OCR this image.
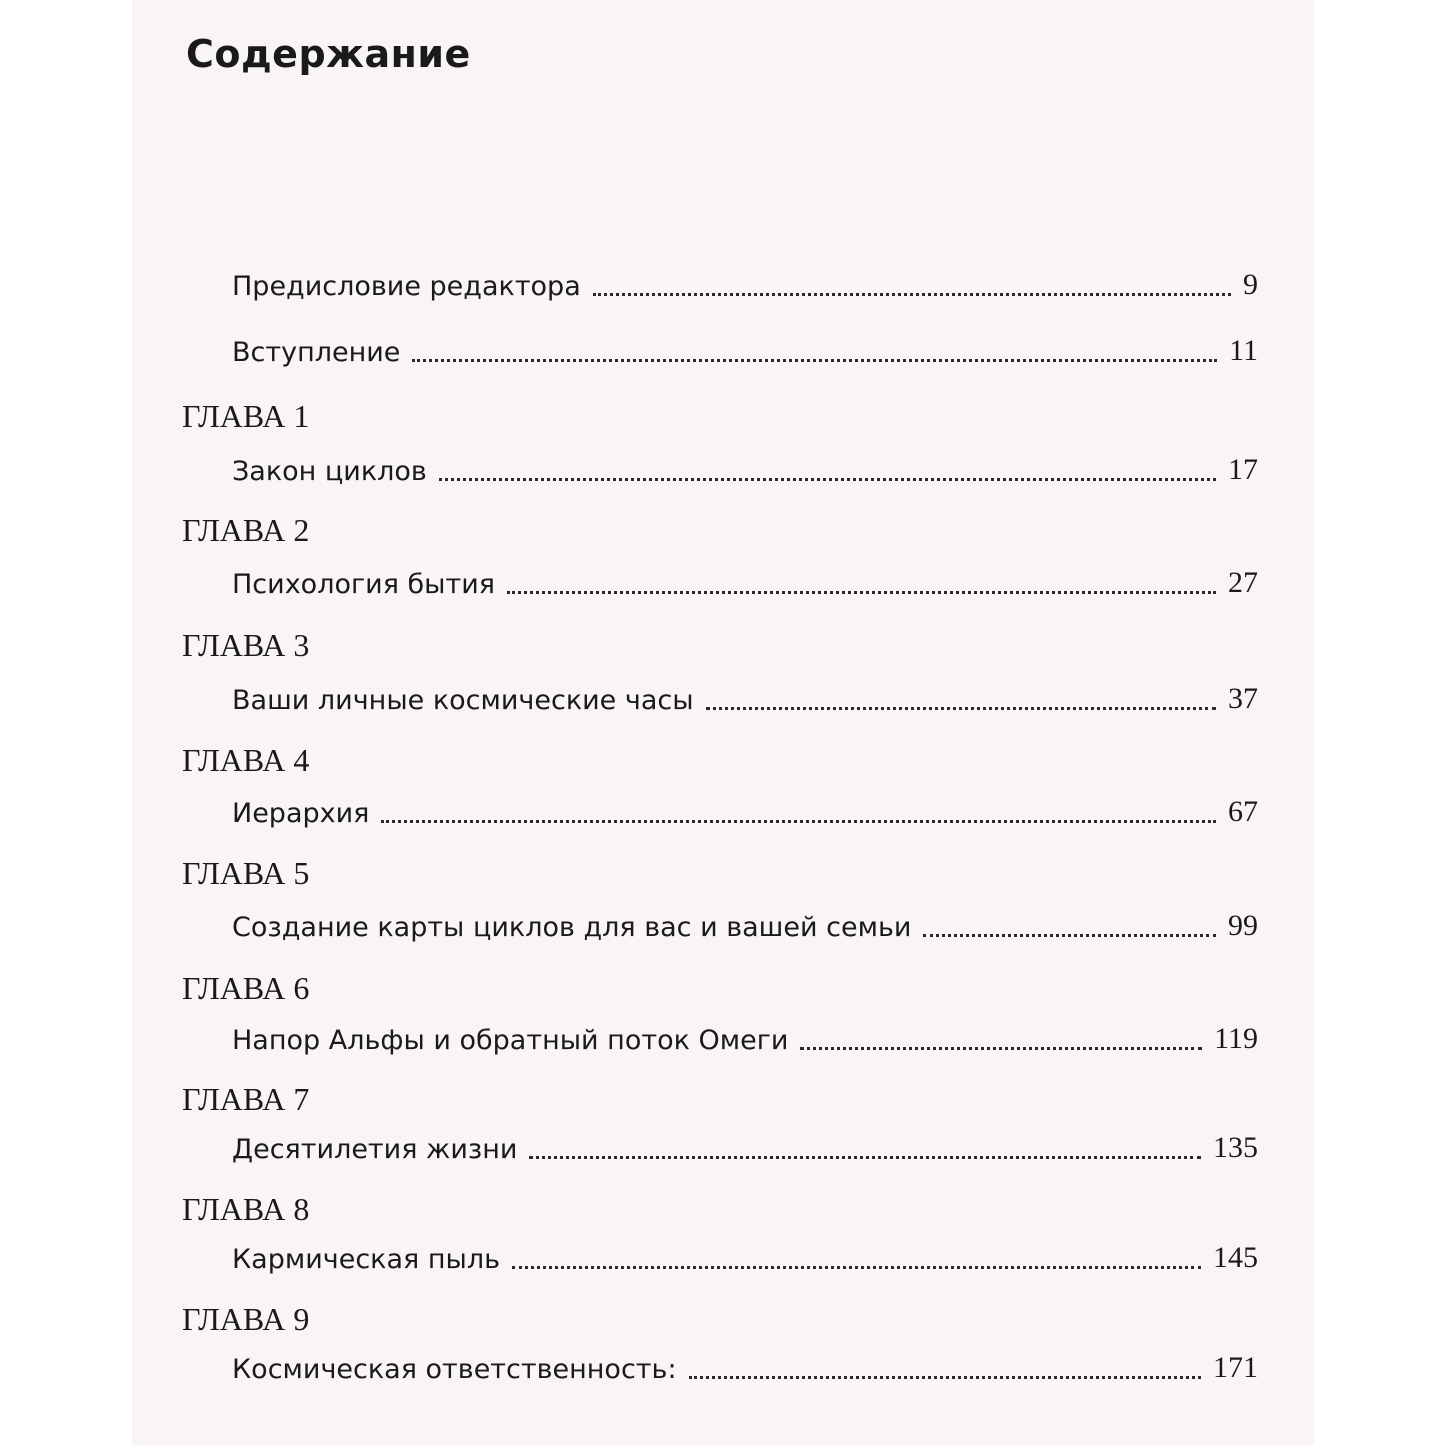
Содержание
Предисловие редактора	9
Вступление	11
ГЛАВА 1
Закон циклов	17
ГЛАВА 2
Психология бытия	27
ГЛАВА 3
Ваши личные космические часы	37
ГЛАВА 4
Иерархия	67
ГЛАВА 5
Создание карты циклов для вас и вашей семьи	99
ГЛАВА 6
Напор Альфы и обратный поток Омеги	119
ГЛАВА 7
Десятилетия жизни	135
ГЛАВА 8
Кармическая пыль	145
ГЛАВА 9
Космическая ответственность:	171
